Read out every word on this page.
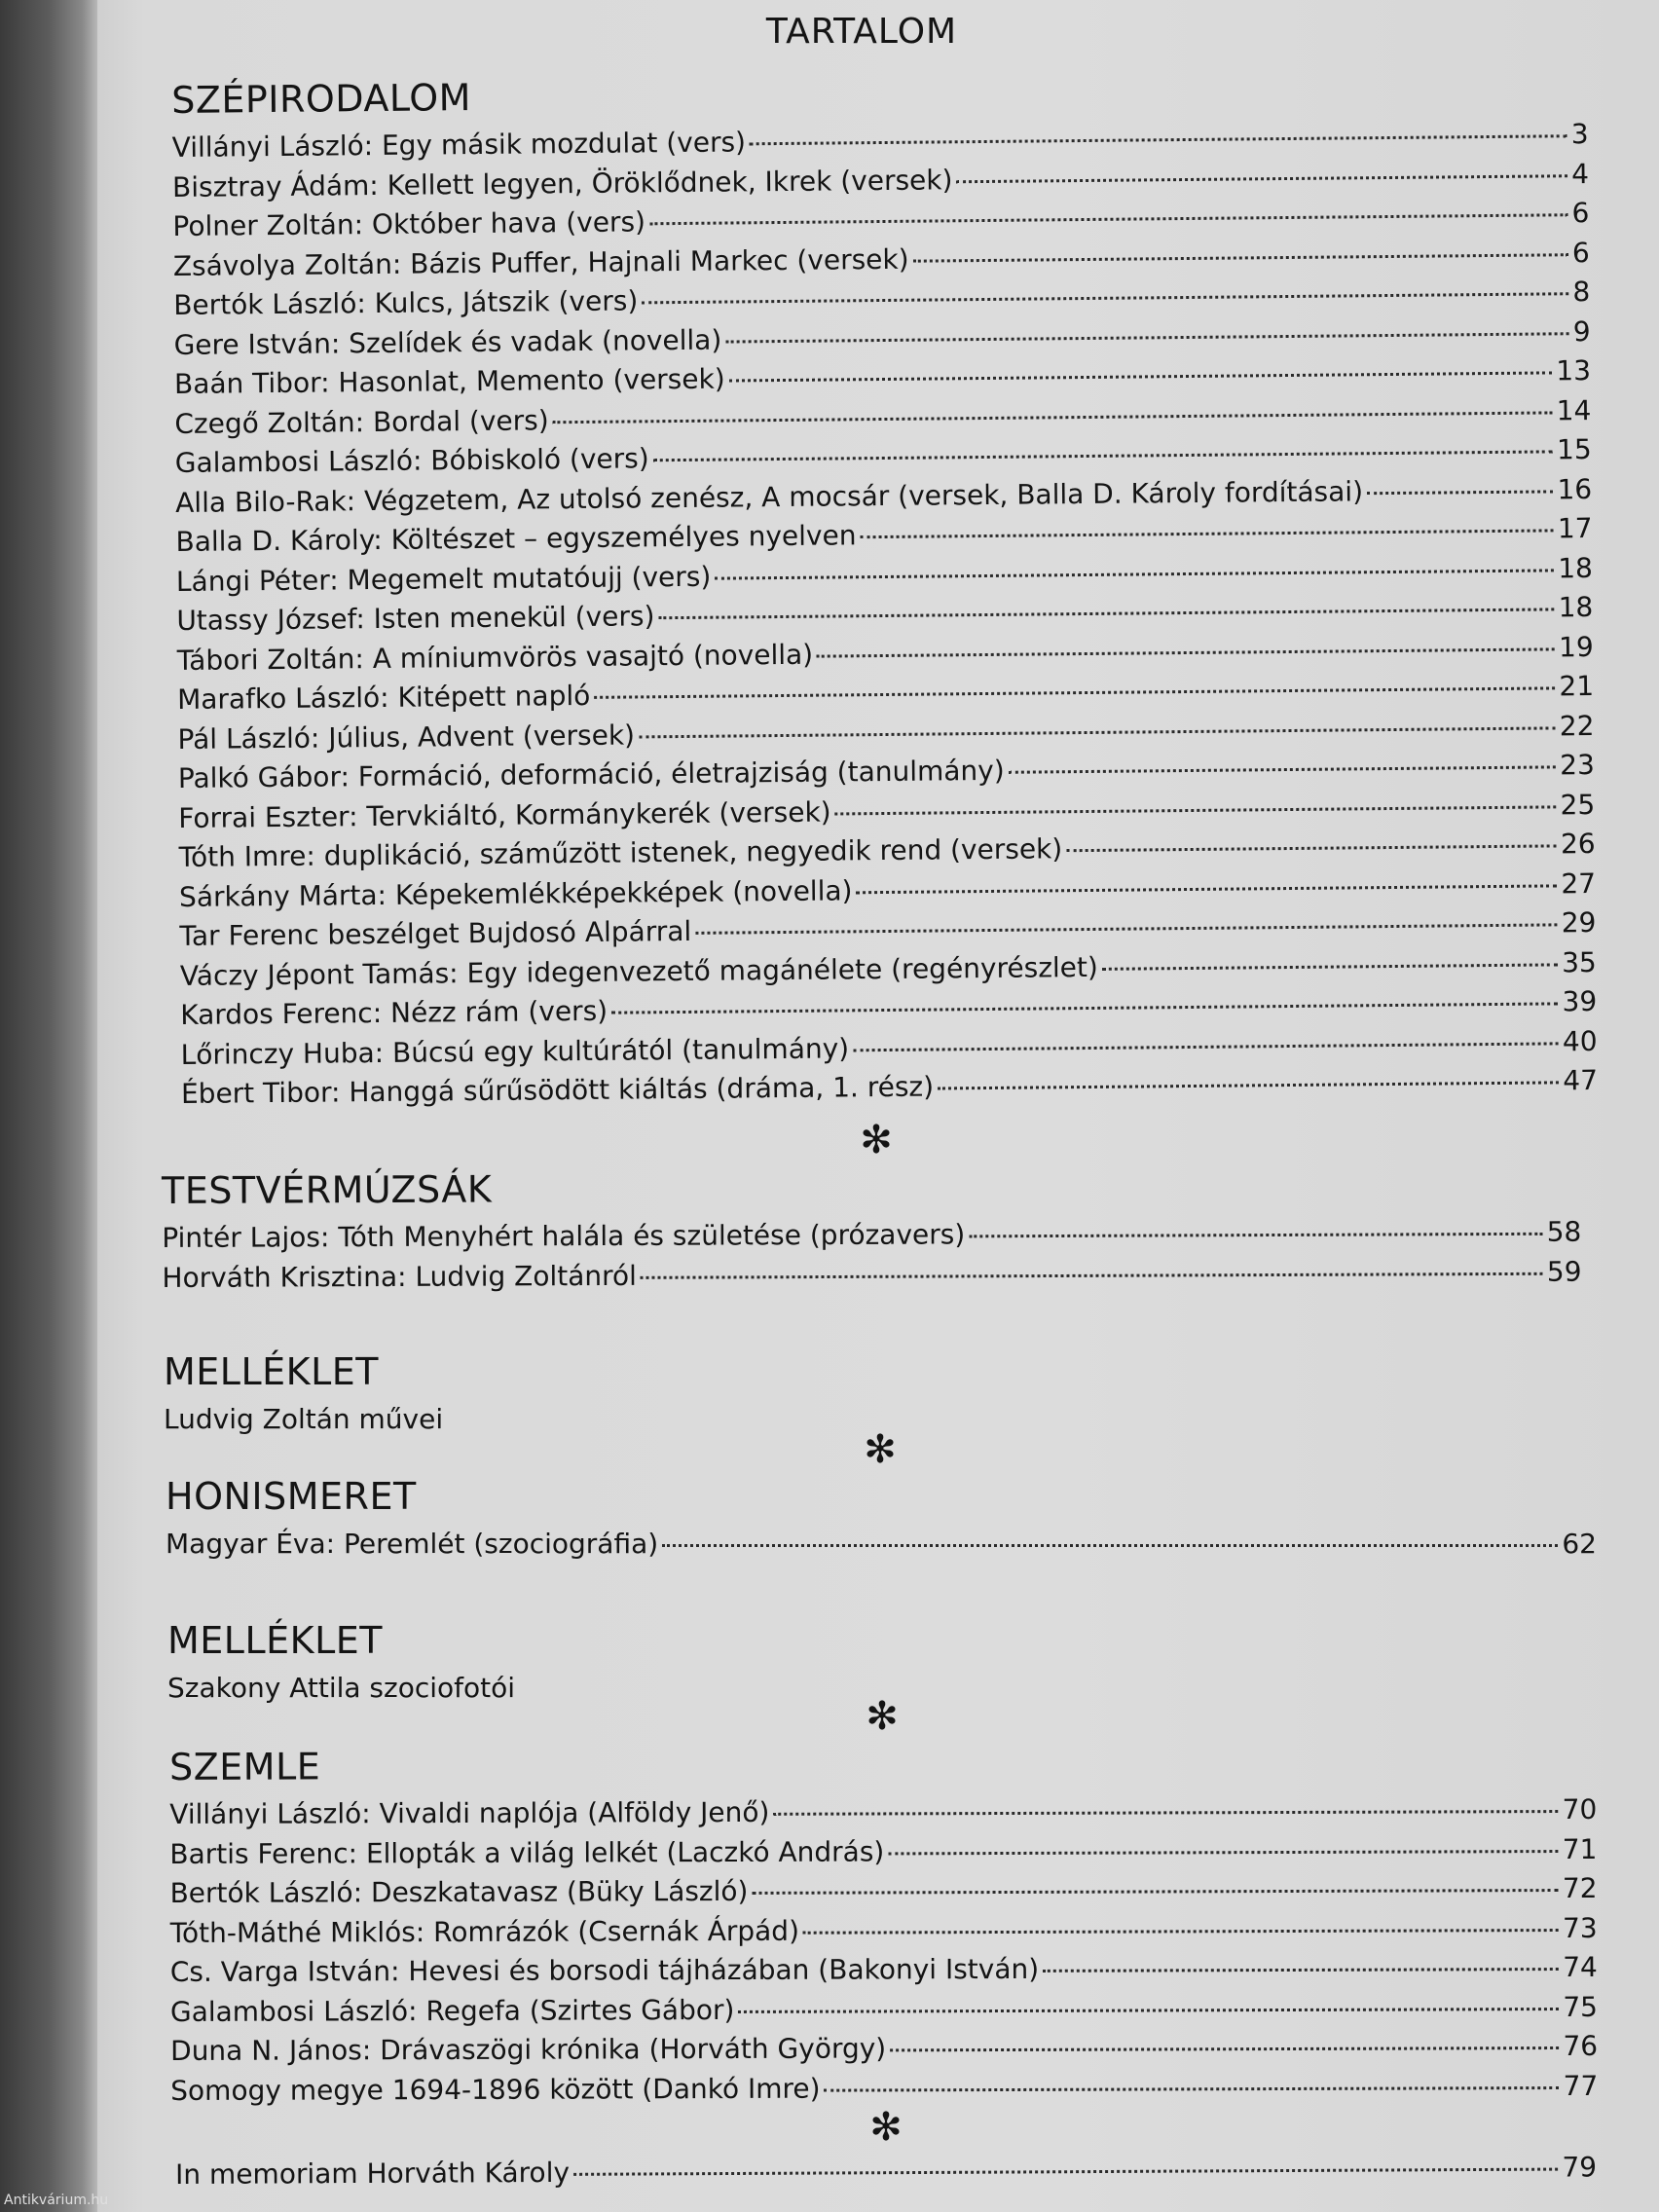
TARTALOM
SZÉPIRODALOM
Villányi László: Egy másik mozdulat (vers)	3
Bisztray Ádám: Kellett legyen, Öröklődnek, Ikrek (versek)	4
Polner Zoltán: Október hava (vers)	6
Zsávolya Zoltán: Bázis Puffer, Hajnali Markec (versek)	6
Bertók László: Kulcs, Játszik (vers)	8
Gere István: Szelídek és vadak (novella)	9
Baán Tibor: Hasonlat, Memento (versek)	13
Czegő Zoltán: Bordal (vers)	14
Galambosi László: Bóbiskoló (vers)	15
Alla Bilo-Rak: Végzetem, Az utolsó zenész, A mocsár (versek, Balla D. Károly fordításai)	16
Balla D. Károly: Költészet – egyszemélyes nyelven	17
Lángi Péter: Megemelt mutatóujj (vers)	18
Utassy József: Isten menekül (vers)	18
Tábori Zoltán: A míniumvörös vasajtó (novella)	19
Marafko László: Kitépett napló	21
Pál László: Július, Advent (versek)	22
Palkó Gábor: Formáció, deformáció, életrajziság (tanulmány)	23
Forrai Eszter: Tervkiáltó, Kormánykerék (versek)	25
Tóth Imre: duplikáció, száműzött istenek, negyedik rend (versek)	26
Sárkány Márta: Képekemlékképekképek (novella)	27
Tar Ferenc beszélget Bujdosó Alpárral	29
Váczy Jépont Tamás: Egy idegenvezető magánélete (regényrészlet)	35
Kardos Ferenc: Nézz rám (vers)	39
Lőrinczy Huba: Búcsú egy kultúrától (tanulmány)	40
Ébert Tibor: Hanggá sűrűsödött kiáltás (dráma, 1. rész)	47
✻
TESTVÉRMÚZSÁK
Pintér Lajos: Tóth Menyhért halála és születése (prózavers)	58
Horváth Krisztina: Ludvig Zoltánról	59
MELLÉKLET
Ludvig Zoltán művei
✻
HONISMERET
Magyar Éva: Peremlét (szociográfia)	62
MELLÉKLET
Szakony Attila szociofotói
✻
SZEMLE
Villányi László: Vivaldi naplója (Alföldy Jenő)	70
Bartis Ferenc: Ellopták a világ lelkét (Laczkó András)	71
Bertók László: Deszkatavasz (Büky László)	72
Tóth-Máthé Miklós: Romrázók (Csernák Árpád)	73
Cs. Varga István: Hevesi és borsodi tájházában (Bakonyi István)	74
Galambosi László: Regefa (Szirtes Gábor)	75
Duna N. János: Drávaszögi krónika (Horváth György)	76
Somogy megye 1694-1896 között (Dankó Imre)	77
✻
In memoriam Horváth Károly	79
Antikvárium.hu
